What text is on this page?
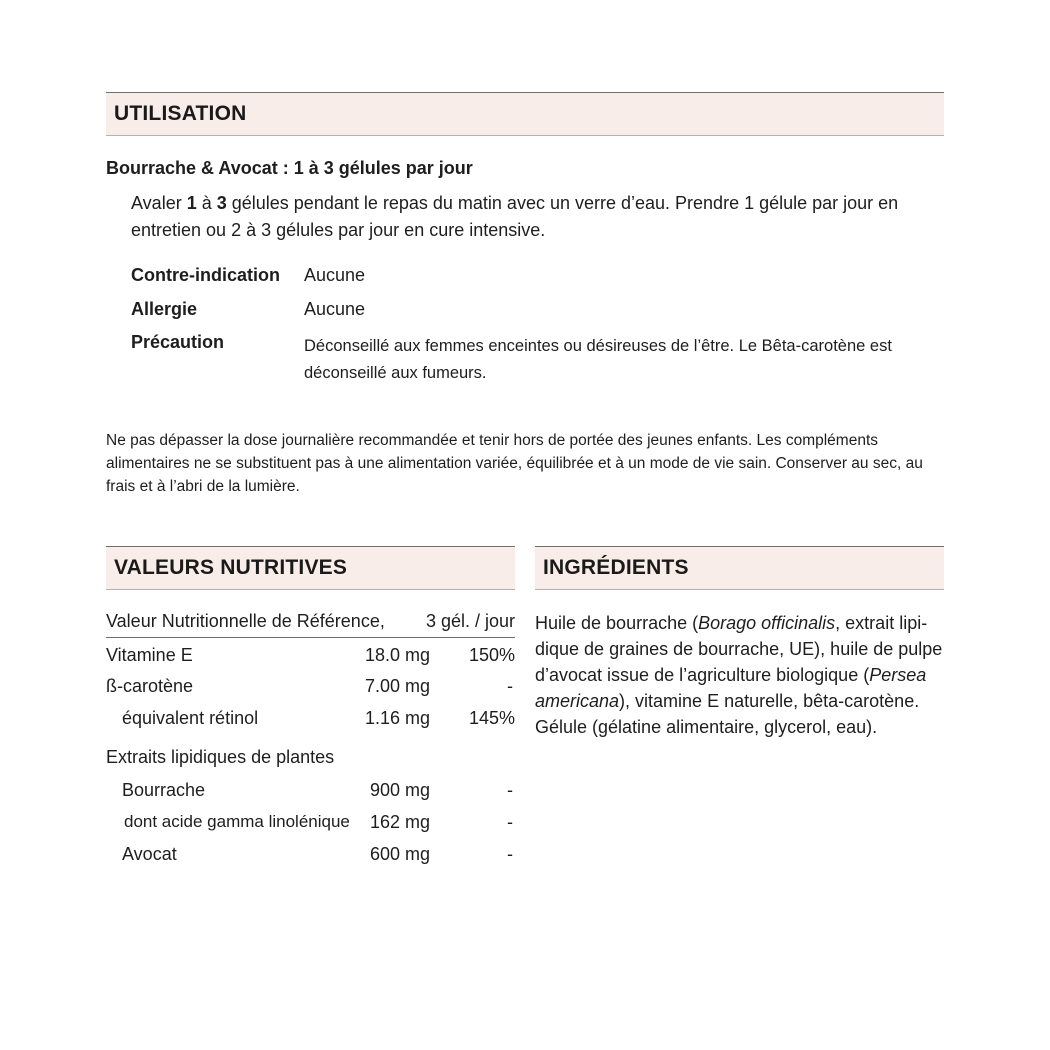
UTILISATION
Bourrache & Avocat : 1 à 3 gélules par jour
Avaler 1 à 3 gélules pendant le repas du matin avec un verre d’eau. Prendre 1 gélule par jour en entretien ou 2 à 3 gélules par jour en cure intensive.
Contre-indication Aucune
Allergie	Aucune
Précaution	Déconseillé aux femmes enceintes ou désireuses de l’être. Le Bêta-carotène est déconseillé aux fumeurs.
Ne pas dépasser la dose journalière recommandée et tenir hors de portée des jeunes enfants. Les compléments alimentaires ne se substituent pas à une alimentation variée, équilibrée et à un mode de vie sain. Conserver au sec, au frais et à l’abri de la lumière.
VALEURS NUTRITIVES
Valeur Nutritionnelle de Référence,	3 gél. / jour
Vitamine E	18.0 mg	150%
ß-carotène	7.00 mg	-
équivalent rétinol	1.16 mg	145%
Extraits lipidiques de plantes
Bourrache	900 mg	-
dont acide gamma linolénique	162 mg	-
Avocat	600 mg	-
INGRÉDIENTS
Huile de bourrache (Borago officinalis, extrait lipidique de graines de bourrache, UE), huile de pulpe d’avocat issue de l’agriculture biologique (Persea americana), vitamine E naturelle, bêta-carotène. Gélule (gélatine alimentaire, glycerol, eau).
